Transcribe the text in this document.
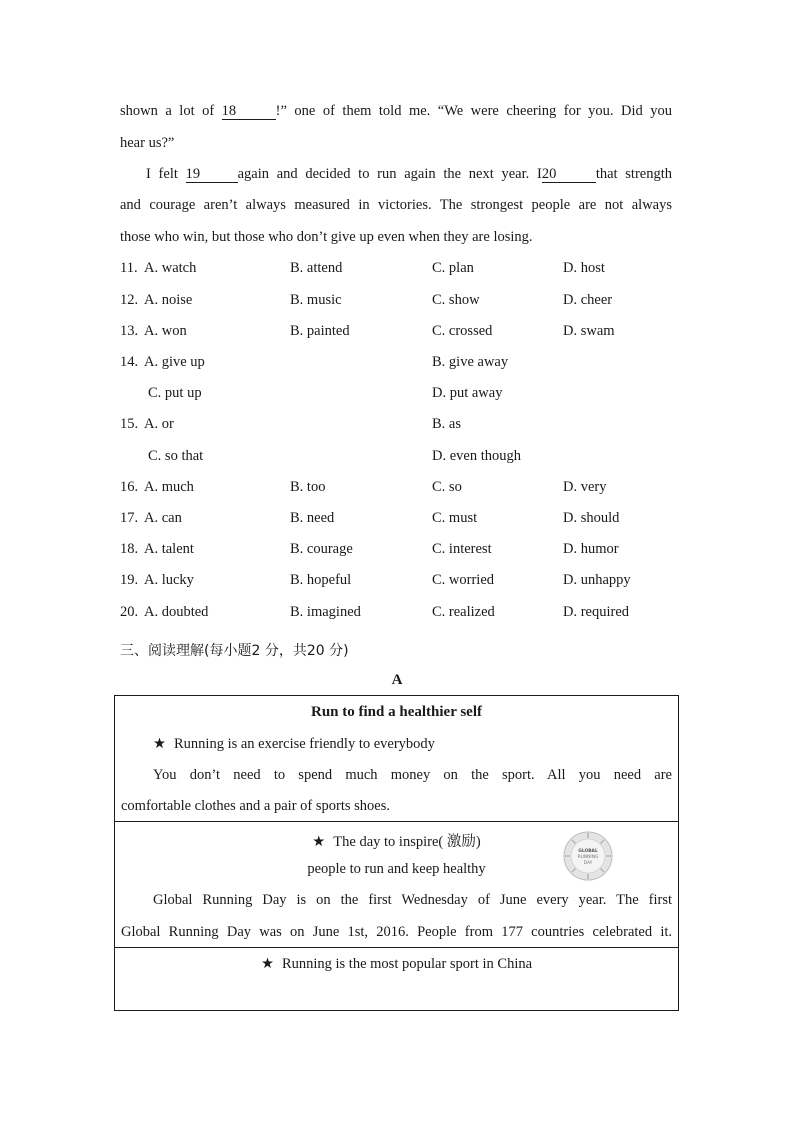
shown a lot of 18	!” one of them told me. “We were cheering for you. Did you
hear us?”
I felt 19	again and decided to run again the next year. I20	that strength
and courage aren’t always measured in victories. The strongest people are not always
those who win, but those who don’t give up even when they are losing.
11. A. watch	B. attend	C. plan	D. host
12. A. noise	B. music	C. show	D. cheer
13. A. won	B. painted	C. crossed	D. swam
14. A. give up	B. give away
C. put up	D. put away
15. A. or	B. as
C. so that	D. even though
16. A. much	B. too	C. so	D. very
17. A. can	B. need	C. must	D. should
18. A. talent	B. courage	C. interest	D. humor
19. A. lucky	B. hopeful	C. worried	D. unhappy
20. A. doubted	B. imagined	C. realized	D. required
三、阅读理解(每小题2 分，共20 分)
A
Run to find a healthier self
★ Running is an exercise friendly to everybody
You don’t need to spend much money on the sport. All you need are
comfortable clothes and a pair of sports shoes.
★ The day to inspire( 激励)
people to run and keep healthy
Global Running Day is on the first Wednesday of June every year. The first
Global Running Day was on June 1st, 2016. People from 177 countries celebrated it.
★ Running is the most popular sport in China
GLOBAL
RUNNING
DAY
